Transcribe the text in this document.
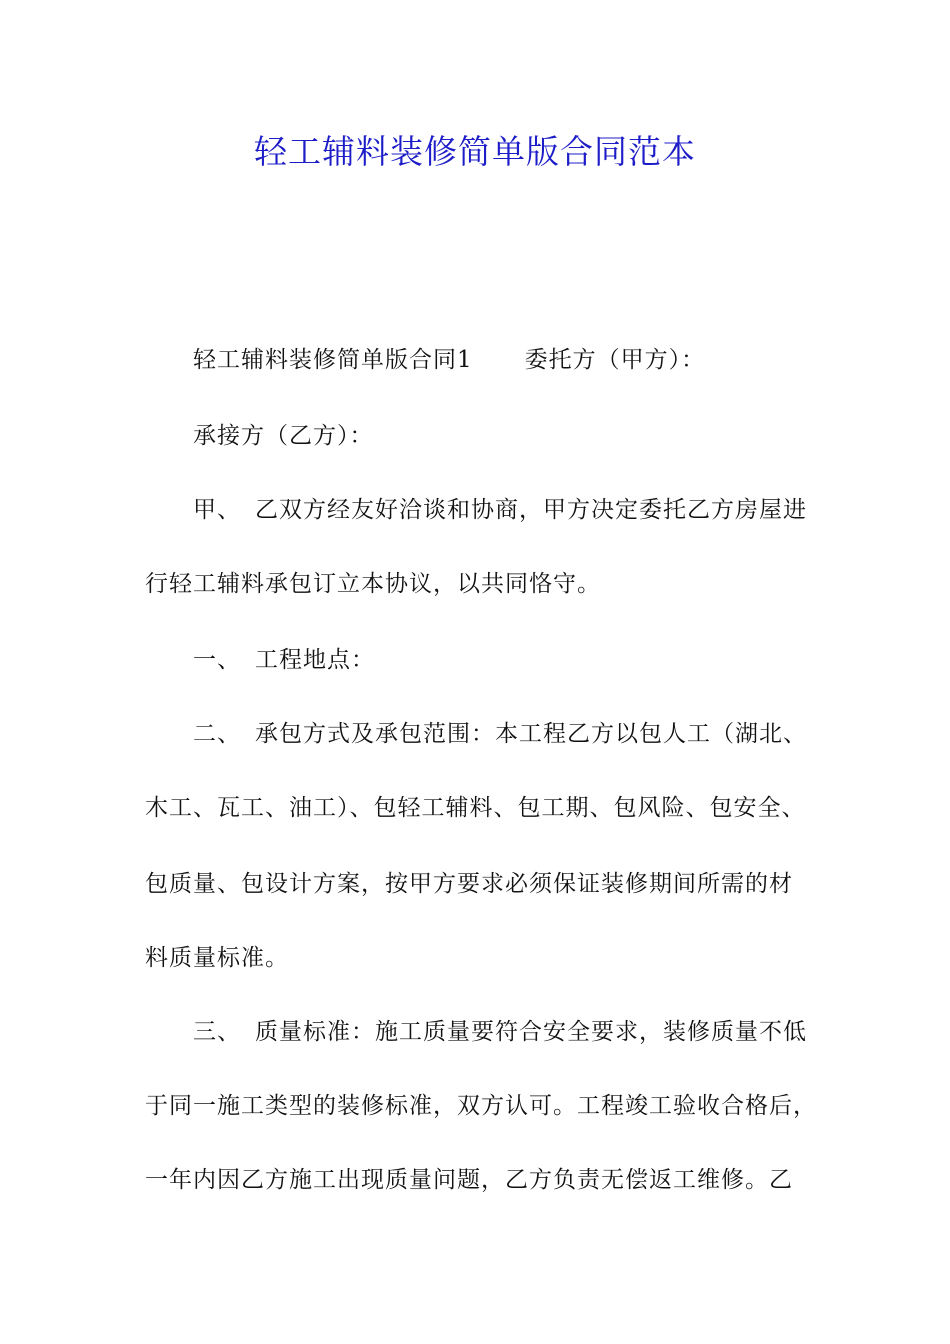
轻工辅料装修简单版合同范本
轻工辅料装修简单版合同1 委托方（甲方）：
承接方（乙方）：
甲、 乙双方经友好洽谈和协商，甲方决定委托乙方房屋进
行轻工辅料承包订立本协议，以共同恪守。
一、 工程地点：
二、 承包方式及承包范围：本工程乙方以包人工（湖北、
木工、瓦工、油工）、包轻工辅料、包工期、包风险、包安全、
包质量、包设计方案，按甲方要求必须保证装修期间所需的材
料质量标准。
三、 质量标准：施工质量要符合安全要求，装修质量不低
于同一施工类型的装修标准，双方认可。工程竣工验收合格后，
一年内因乙方施工出现质量问题，乙方负责无偿返工维修。乙
